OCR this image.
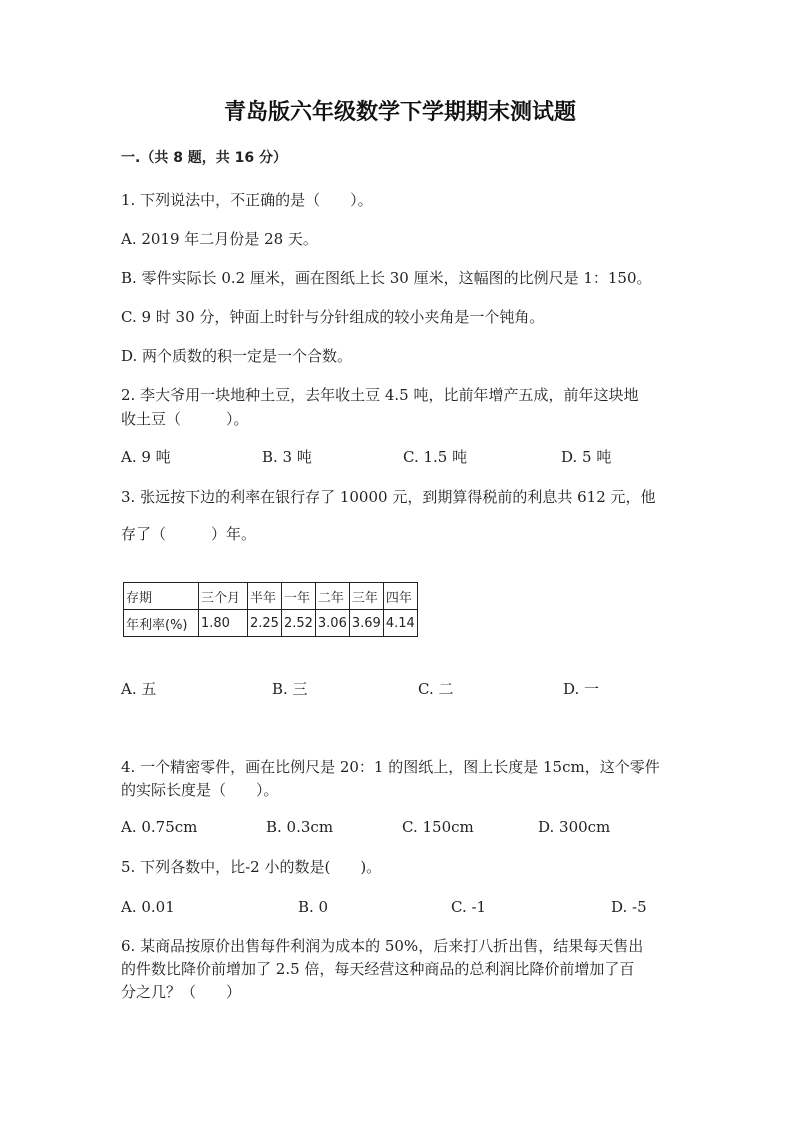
青岛版六年级数学下学期期末测试题
一.（共 8 题，共 16 分）
1. 下列说法中，不正确的是（　　）。
A. 2019 年二月份是 28 天。
B. 零件实际长 0.2 厘米，画在图纸上长 30 厘米，这幅图的比例尺是 1：150。
C. 9 时 30 分，钟面上时针与分针组成的较小夹角是一个钝角。
D. 两个质数的积一定是一个合数。
2. 李大爷用一块地种土豆，去年收土豆 4.5 吨，比前年增产五成，前年这块地
收土豆（　　　）。
A. 9 吨	B. 3 吨	C. 1.5 吨	D. 5 吨
3. 张远按下边的利率在银行存了 10000 元，到期算得税前的利息共 612 元，他
存了（　　　）年。
存期	三个月	半年	一年	二年	三年	四年
年利率(%)	1.80	2.25	2.52	3.06	3.69	4.14
A. 五	B. 三	C. 二	D. 一
4. 一个精密零件，画在比例尺是 20：1 的图纸上，图上长度是 15cm，这个零件
的实际长度是（　　）。
A. 0.75cm	B. 0.3cm	C. 150cm	D. 300cm
5. 下列各数中，比-2 小的数是(　　)。
A. 0.01	B. 0	C. -1	D. -5
6. 某商品按原价出售每件利润为成本的 50%，后来打八折出售，结果每天售出
的件数比降价前增加了 2.5 倍，每天经营这种商品的总利润比降价前增加了百
分之几？（　　）
